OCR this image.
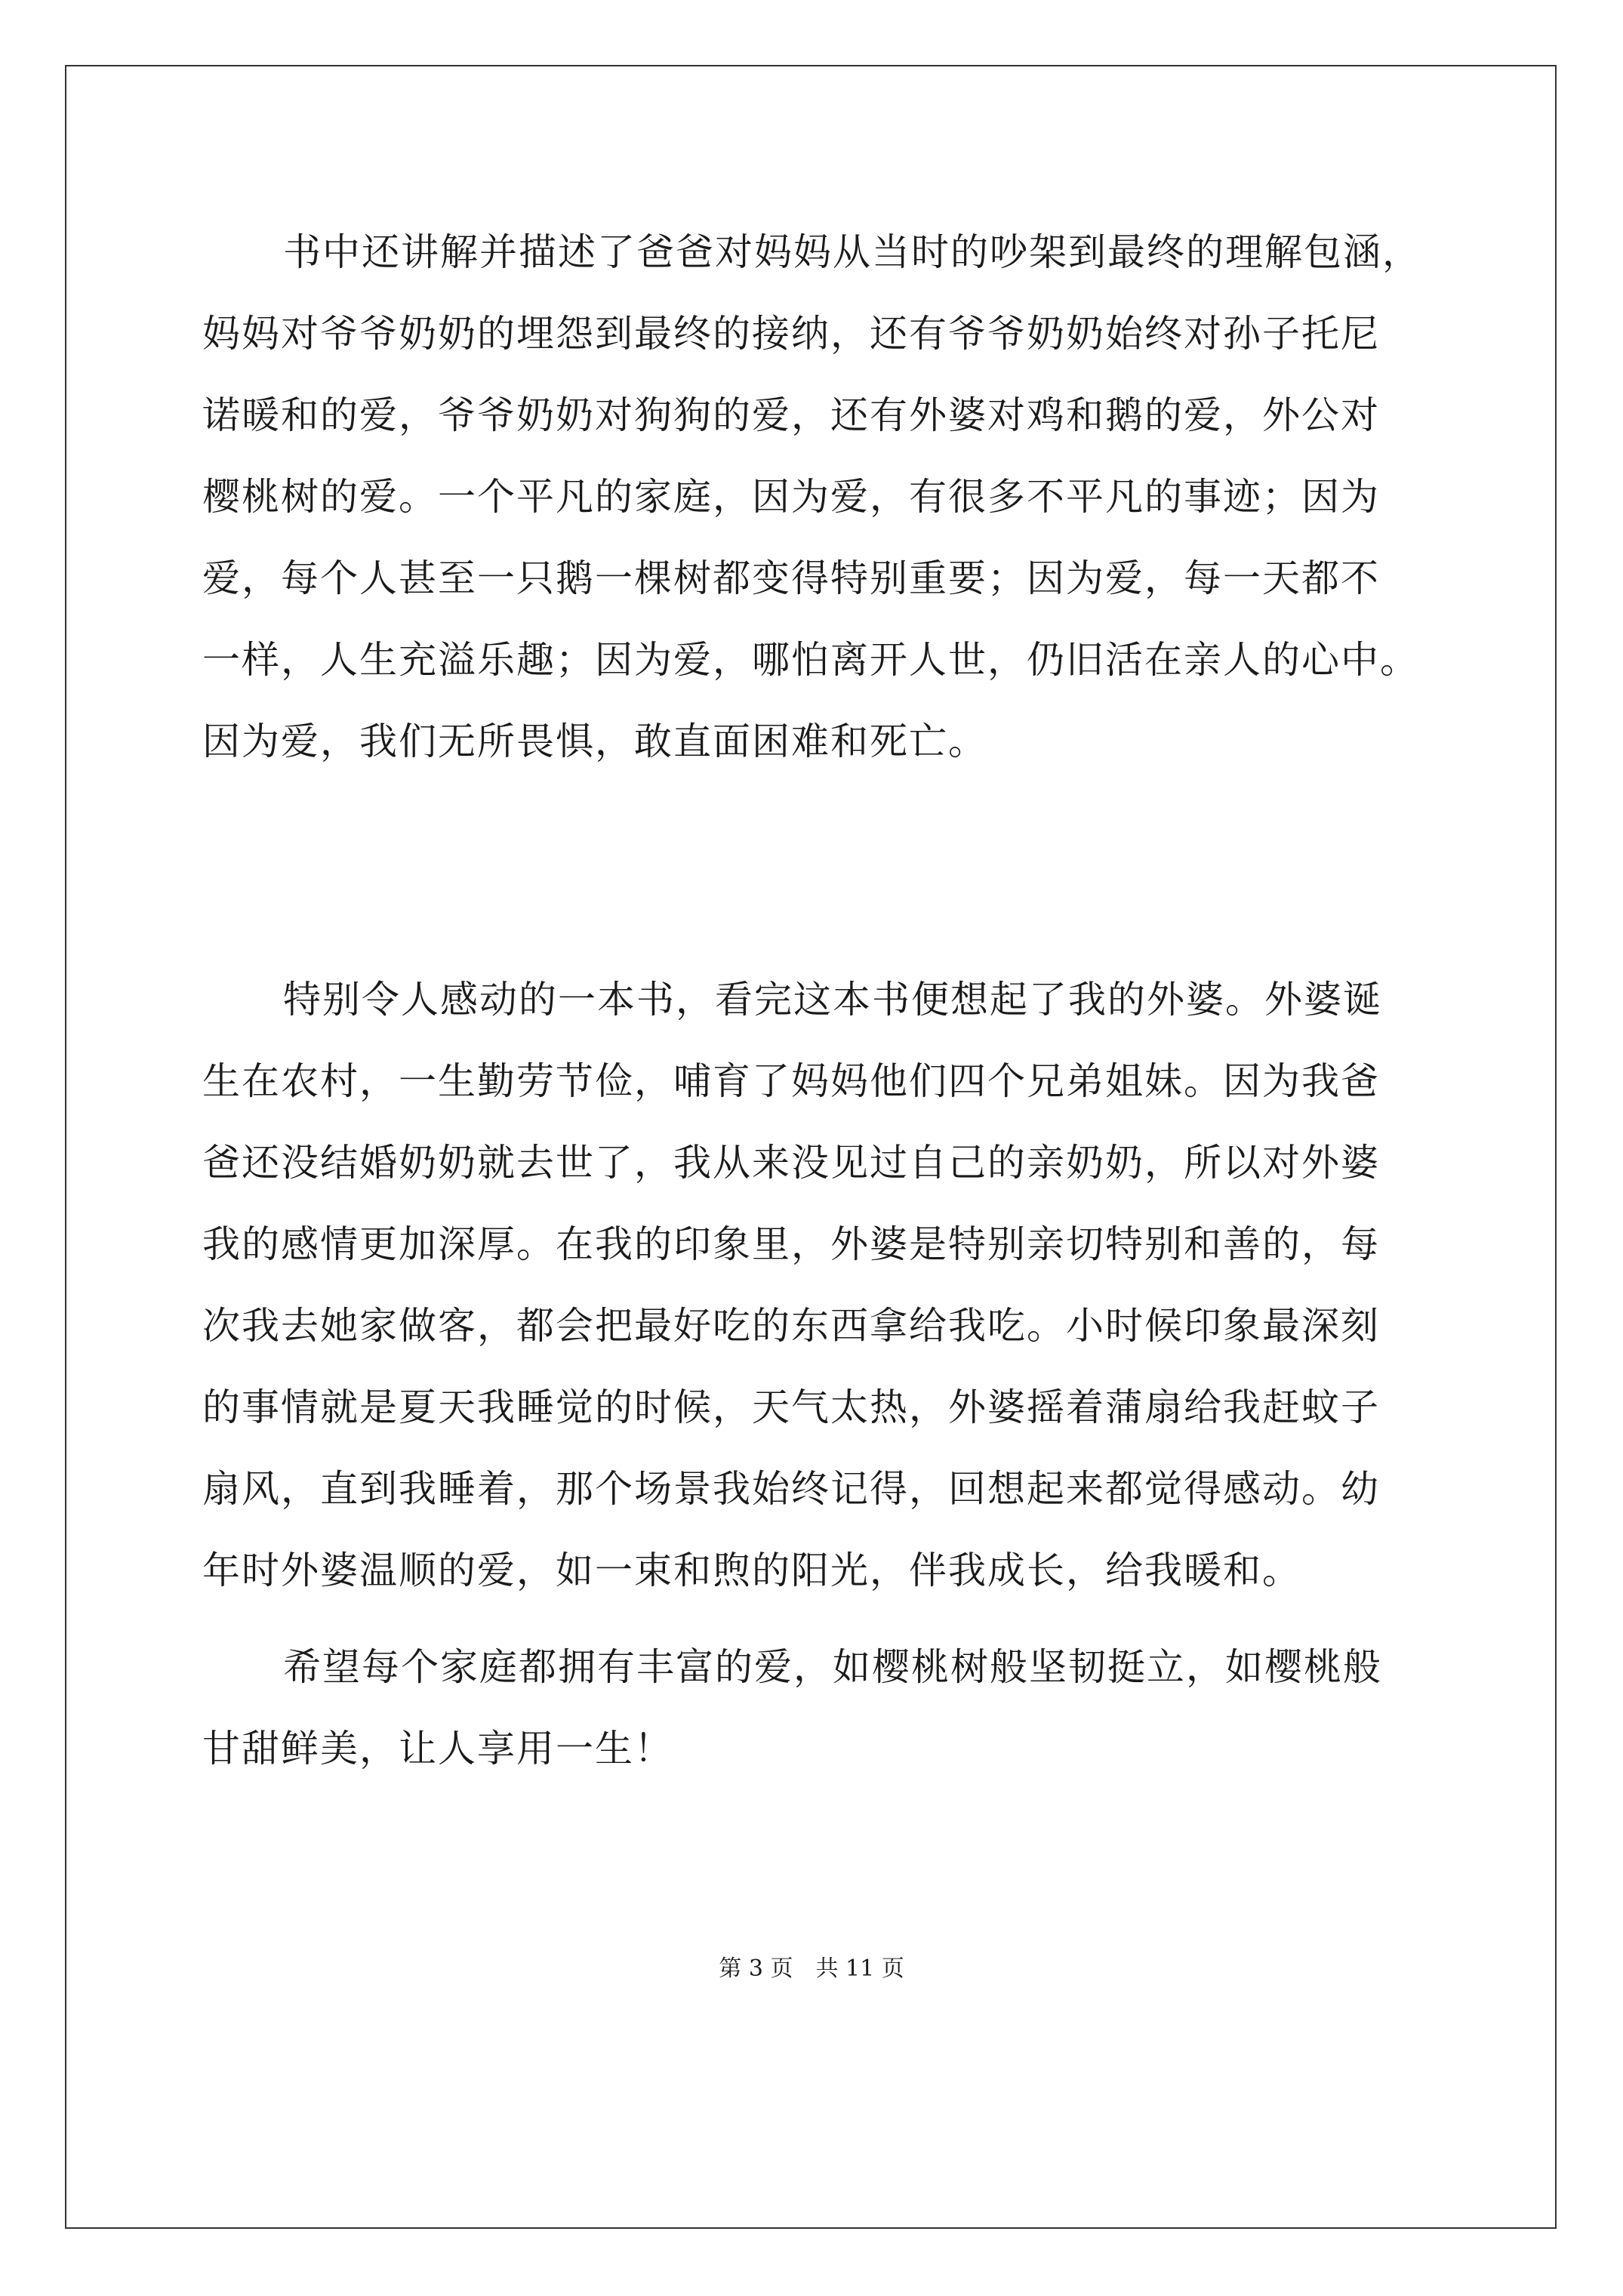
书中还讲解并描述了爸爸对妈妈从当时的吵架到最终的理解包涵，
妈妈对爷爷奶奶的埋怨到最终的接纳，还有爷爷奶奶始终对孙子托尼
诺暖和的爱，爷爷奶奶对狗狗的爱，还有外婆对鸡和鹅的爱，外公对
樱桃树的爱。一个平凡的家庭，因为爱，有很多不平凡的事迹；因为
爱，每个人甚至一只鹅一棵树都变得特别重要；因为爱，每一天都不
一样，人生充溢乐趣；因为爱，哪怕离开人世，仍旧活在亲人的心中。
因为爱，我们无所畏惧，敢直面困难和死亡。
特别令人感动的一本书，看完这本书便想起了我的外婆。外婆诞
生在农村，一生勤劳节俭，哺育了妈妈他们四个兄弟姐妹。因为我爸
爸还没结婚奶奶就去世了，我从来没见过自己的亲奶奶，所以对外婆
我的感情更加深厚。在我的印象里，外婆是特别亲切特别和善的，每
次我去她家做客，都会把最好吃的东西拿给我吃。小时候印象最深刻
的事情就是夏天我睡觉的时候，天气太热，外婆摇着蒲扇给我赶蚊子
扇风，直到我睡着，那个场景我始终记得，回想起来都觉得感动。幼
年时外婆温顺的爱，如一束和煦的阳光，伴我成长，给我暖和。
希望每个家庭都拥有丰富的爱，如樱桃树般坚韧挺立，如樱桃般
甘甜鲜美，让人享用一生！
第 3 页　共 11 页
